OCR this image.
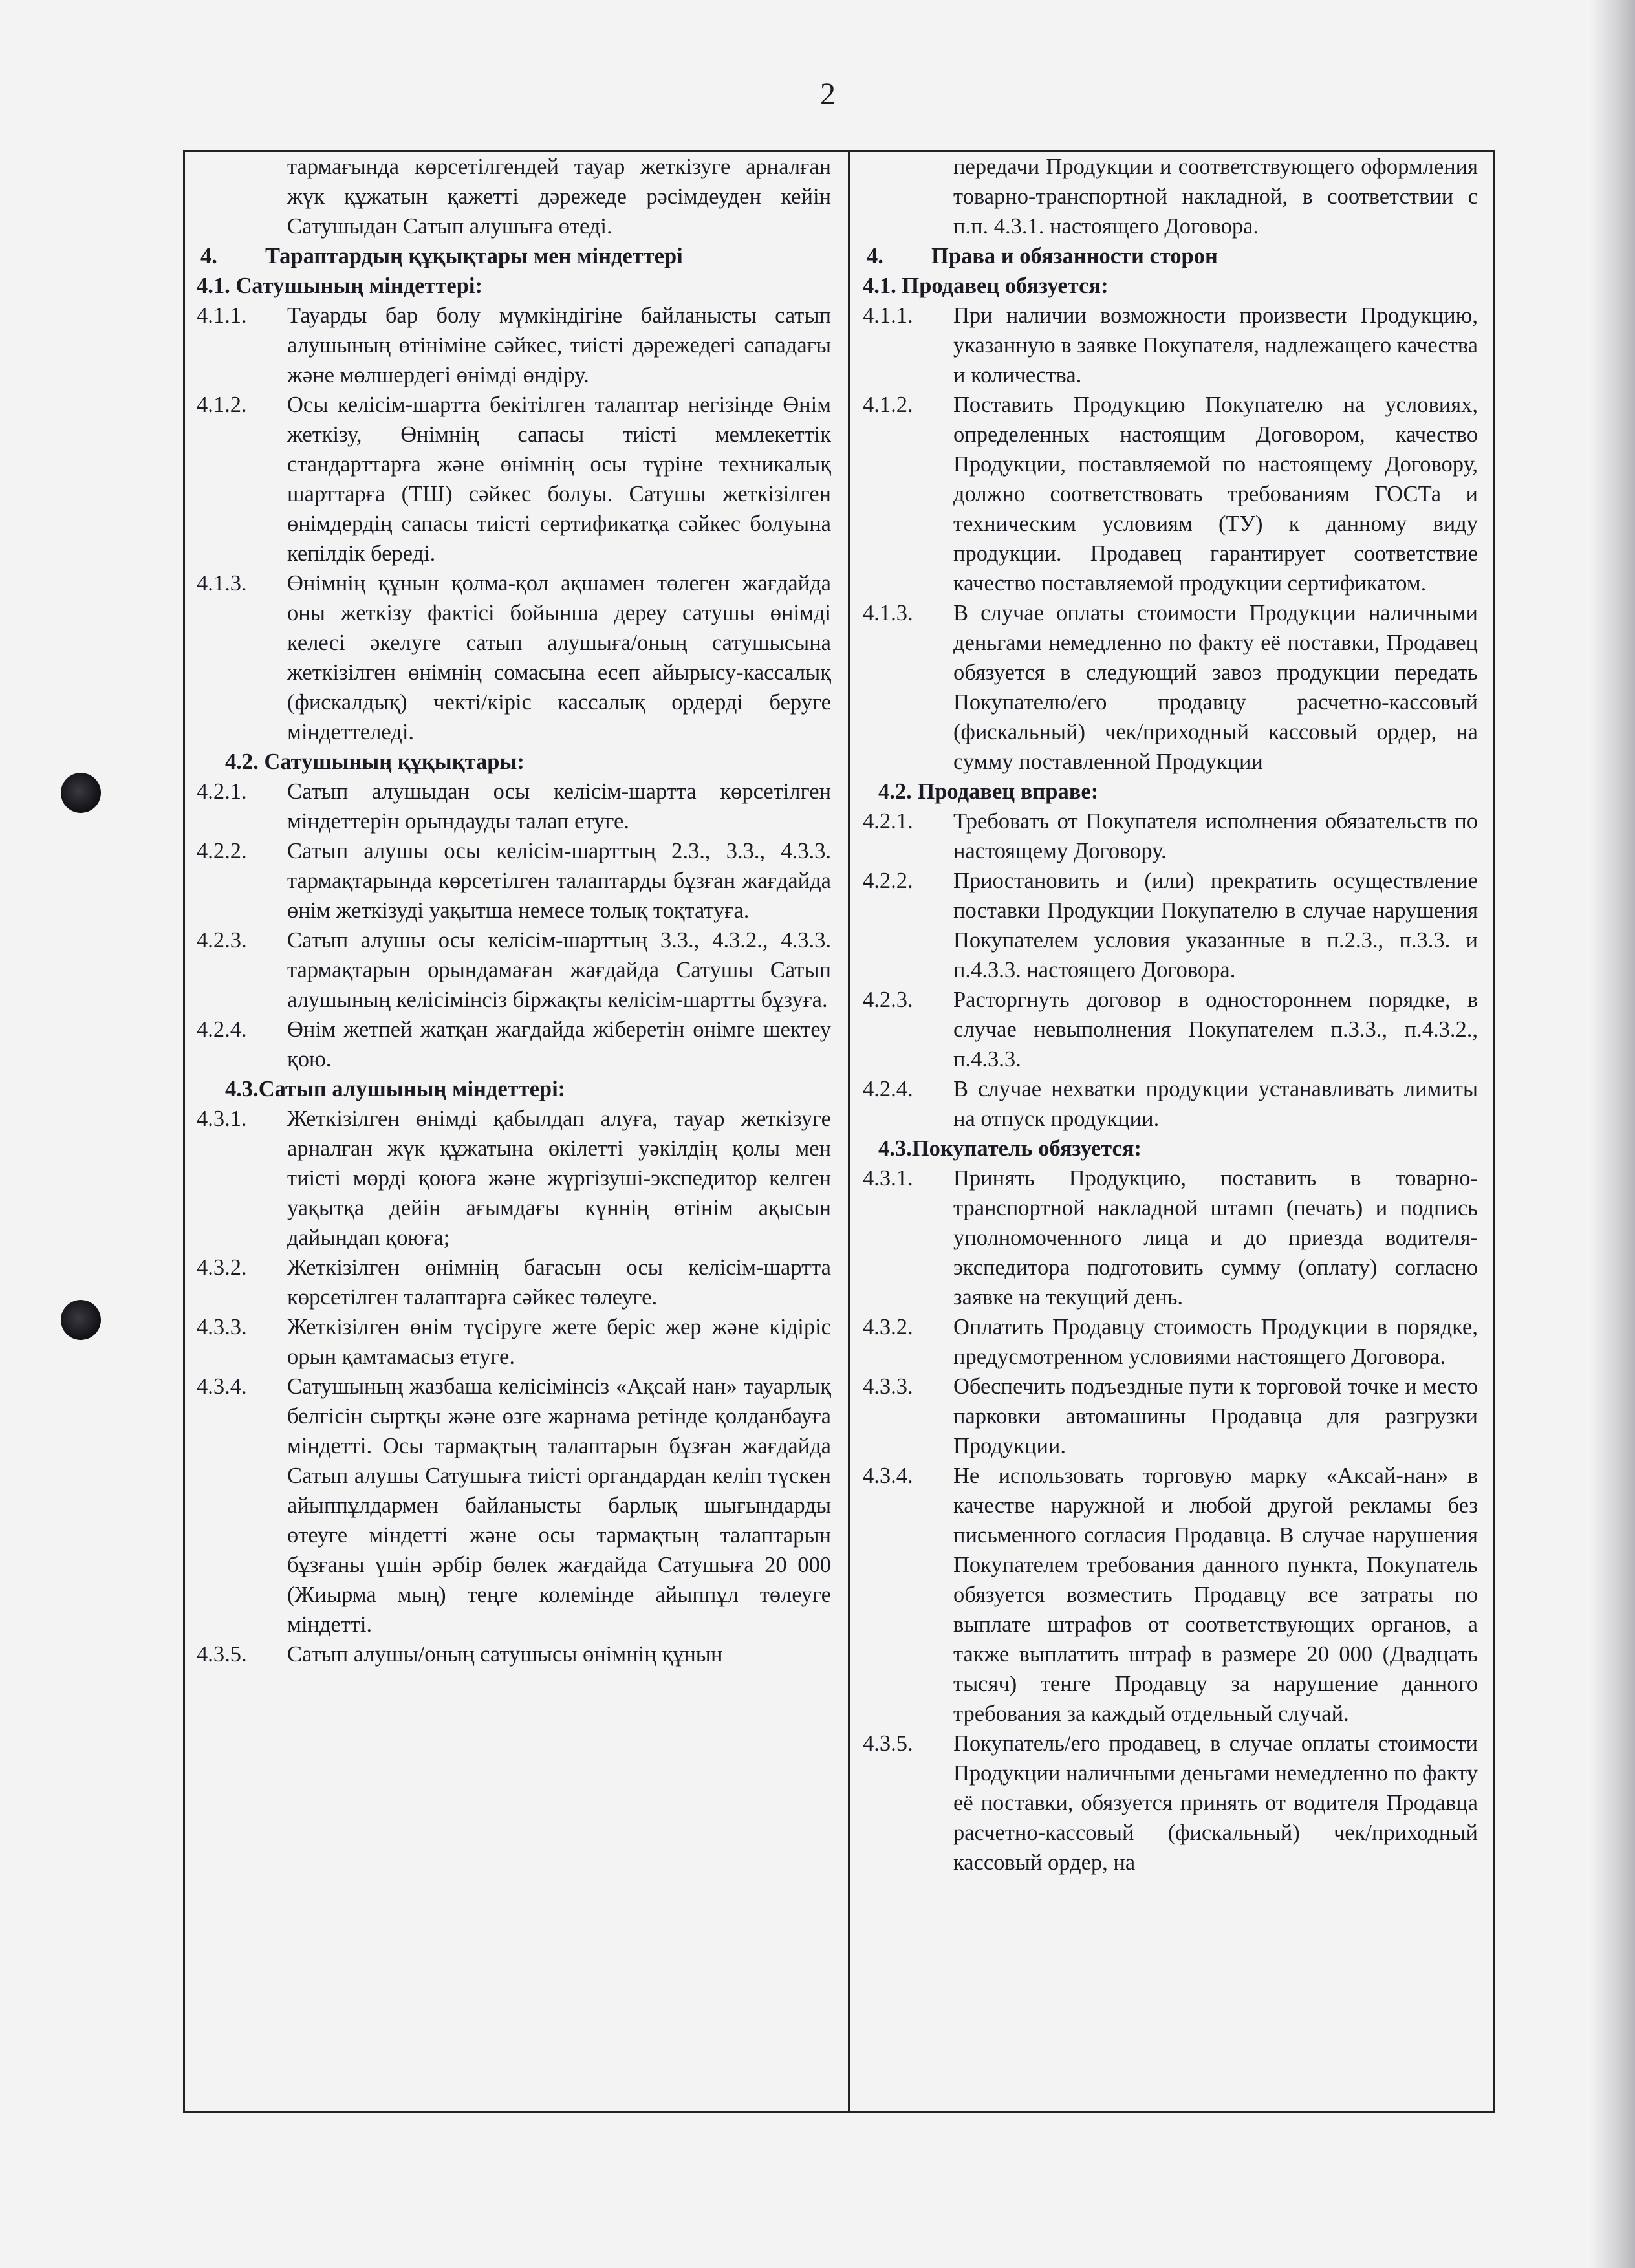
2

тармағында көрсетілгендей тауар жеткізуге арналған жүк құжатын қажетті дәрежеде рәсімдеуден кейін Сатушыдан Сатып алушыға өтеді.

4. Тараптардың құқықтары мен міндеттері

4.1. Сатушының міндеттері:

4.1.1.	Тауарды бар болу мүмкіндігіне байланысты сатып алушының өтініміне сәйкес, тиісті дәрежедегі сападағы және мөлшердегі өнімді өндіру.
4.1.2.	Осы келісім-шартта бекітілген талаптар негізінде Өнім жеткізу, Өнімнің сапасы тиісті мемлекеттік стандарттарға және өнімнің осы түріне техникалық шарттарға (ТШ) сәйкес болуы. Сатушы жеткізілген өнімдердің сапасы тиісті сертификатқа сәйкес болуына кепілдік береді.
4.1.3.	Өнімнің құнын қолма-қол ақшамен төлеген жағдайда оны жеткізу фактісі бойынша дереу сатушы өнімді келесі әкелуге сатып алушыға/оның сатушысына жеткізілген өнімнің сомасына есеп айырысу-кассалық (фискалдық) чекті/кіріс кассалық ордерді беруге міндеттеледі.

4.2. Сатушының құқықтары:

4.2.1.	Сатып алушыдан осы келісім-шартта көрсетілген міндеттерін орындауды талап етуге.
4.2.2.	Сатып алушы осы келісім-шарттың 2.3., 3.3., 4.3.3. тармақтарында көрсетілген талаптарды бұзған жағдайда өнім жеткізуді уақытша немесе толық тоқтатуға.
4.2.3.	Сатып алушы осы келісім-шарттың 3.3., 4.3.2., 4.3.3. тармақтарын орындамаған жағдайда Сатушы Сатып алушының келісімінсіз біржақты келісім-шартты бұзуға.
4.2.4.	Өнім жетпей жатқан жағдайда жіберетін өнімге шектеу қою.

4.3.Сатып алушының міндеттері:

4.3.1.	Жеткізілген өнімді қабылдап алуға, тауар жеткізуге арналған жүк құжатына өкілетті уәкілдің қолы мен тиісті мөрді қоюға және жүргізуші-экспедитор келген уақытқа дейін ағымдағы күннің өтінім ақысын дайындап қоюға;
4.3.2.	Жеткізілген өнімнің бағасын осы келісім-шартта көрсетілген талаптарға сәйкес төлеуге.
4.3.3.	Жеткізілген өнім түсіруге жете беріс жер және кідіріс орын қамтамасыз етуге.
4.3.4.	Сатушының жазбаша келісімінсіз «Ақсай нан» тауарлық белгісін сыртқы және өзге жарнама ретінде қолданбауға міндетті. Осы тармақтың талаптарын бұзған жағдайда Сатып алушы Сатушыға тиісті органдардан келіп түскен айыппұлдармен байланысты барлық шығындарды өтеуге міндетті және осы тармақтың талаптарын бұзғаны үшін әрбір бөлек жағдайда Сатушыға 20 000 (Жиырма мың) теңге колемінде айыппұл төлеуге міндетті.
4.3.5.	Сатып алушы/оның сатушысы өнімнің құнын

передачи Продукции и соответствующего оформления товарно-транспортной накладной, в соответствии с п.п. 4.3.1. настоящего Договора.

4. Права и обязанности сторон

4.1. Продавец обязуется:

4.1.1.	При наличии возможности произвести Продукцию, указанную в заявке Покупателя, надлежащего качества и количества.
4.1.2.	Поставить Продукцию Покупателю на условиях, определенных настоящим Договором, качество Продукции, поставляемой по настоящему Договору, должно соответствовать требованиям ГОСТа и техническим условиям (ТУ) к данному виду продукции. Продавец гарантирует соответствие качество поставляемой продукции сертификатом.
4.1.3.	В случае оплаты стоимости Продукции наличными деньгами немедленно по факту её поставки, Продавец обязуется в следующий завоз продукции передать Покупателю/его продавцу расчетно-кассовый (фискальный) чек/приходный кассовый ордер, на сумму поставленной Продукции

4.2. Продавец вправе:

4.2.1.	Требовать от Покупателя исполнения обязательств по настоящему Договору.
4.2.2.	Приостановить и (или) прекратить осуществление поставки Продукции Покупателю в случае нарушения Покупателем условия указанные в п.2.3., п.3.3. и п.4.3.3. настоящего Договора.
4.2.3.	Расторгнуть договор в одностороннем порядке, в случае невыполнения Покупателем п.3.3., п.4.3.2., п.4.3.3.
4.2.4.	В случае нехватки продукции устанавливать лимиты на отпуск продукции.

4.3.Покупатель обязуется:

4.3.1.	Принять Продукцию, поставить в товарно-транспортной накладной штамп (печать) и подпись уполномоченного лица и до приезда водителя-экспедитора подготовить сумму (оплату) согласно заявке на текущий день.
4.3.2.	Оплатить Продавцу стоимость Продукции в порядке, предусмотренном условиями настоящего Договора.
4.3.3.	Обеспечить подъездные пути к торговой точке и место парковки автомашины Продавца для разгрузки Продукции.
4.3.4.	Не использовать торговую марку «Аксай-нан» в качестве наружной и любой другой рекламы без письменного согласия Продавца. В случае нарушения Покупателем требования данного пункта, Покупатель обязуется возместить Продавцу все затраты по выплате штрафов от соответствующих органов, а также выплатить штраф в размере 20 000 (Двадцать тысяч) тенге Продавцу за нарушение данного требования за каждый отдельный случай.
4.3.5.	Покупатель/его продавец, в случае оплаты стоимости Продукции наличными деньгами немедленно по факту её поставки, обязуется принять от водителя Продавца расчетно-кассовый (фискальный) чек/приходный кассовый ордер, на
